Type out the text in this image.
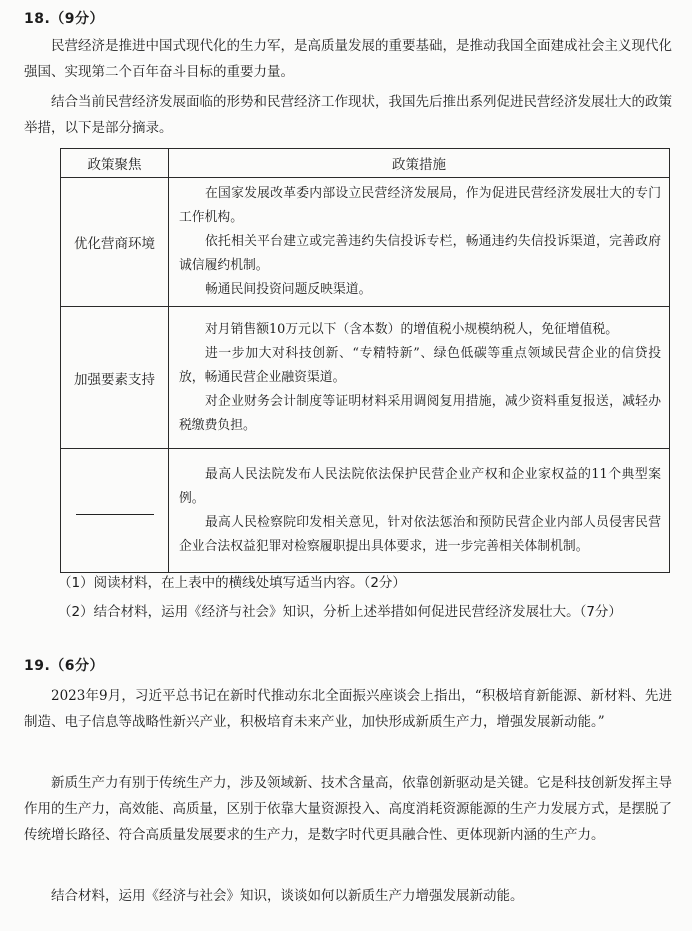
18.（9分）
民营经济是推进中国式现代化的生力军，是高质量发展的重要基础，是推动我国全面建成社会主义现代化强国、实现第二个百年奋斗目标的重要力量。
结合当前民营经济发展面临的形势和民营经济工作现状，我国先后推出系列促进民营经济发展壮大的政策举措，以下是部分摘录。
政策聚焦	政策措施
优化营商环境	在国家发展改革委内部设立民营经济发展局，作为促进民营经济发展壮大的专门工作机构。

依托相关平台建立或完善违约失信投诉专栏，畅通违约失信投诉渠道，完善政府诚信履约机制。

畅通民间投资问题反映渠道。

加强要素支持	对月销售额10万元以下（含本数）的增值税小规模纳税人，免征增值税。

进一步加大对科技创新、“专精特新”、绿色低碳等重点领域民营企业的信贷投放，畅通民营企业融资渠道。

对企业财务会计制度等证明材料采用调阅复用措施，减少资料重复报送，减轻办税缴费负担。

	最高人民法院发布人民法院依法保护民营企业产权和企业家权益的11个典型案例。

最高人民检察院印发相关意见，针对依法惩治和预防民营企业内部人员侵害民营企业合法权益犯罪对检察履职提出具体要求，进一步完善相关体制机制。

（1）阅读材料，在上表中的横线处填写适当内容。（2分）
（2）结合材料，运用《经济与社会》知识，分析上述举措如何促进民营经济发展壮大。（7分）
19.（6分）
2023年9月，习近平总书记在新时代推动东北全面振兴座谈会上指出，“积极培育新能源、新材料、先进制造、电子信息等战略性新兴产业，积极培育未来产业，加快形成新质生产力，增强发展新动能。”
新质生产力有别于传统生产力，涉及领域新、技术含量高，依靠创新驱动是关键。它是科技创新发挥主导作用的生产力，高效能、高质量，区别于依靠大量资源投入、高度消耗资源能源的生产力发展方式，是摆脱了传统增长路径、符合高质量发展要求的生产力，是数字时代更具融合性、更体现新内涵的生产力。
结合材料，运用《经济与社会》知识，谈谈如何以新质生产力增强发展新动能。
